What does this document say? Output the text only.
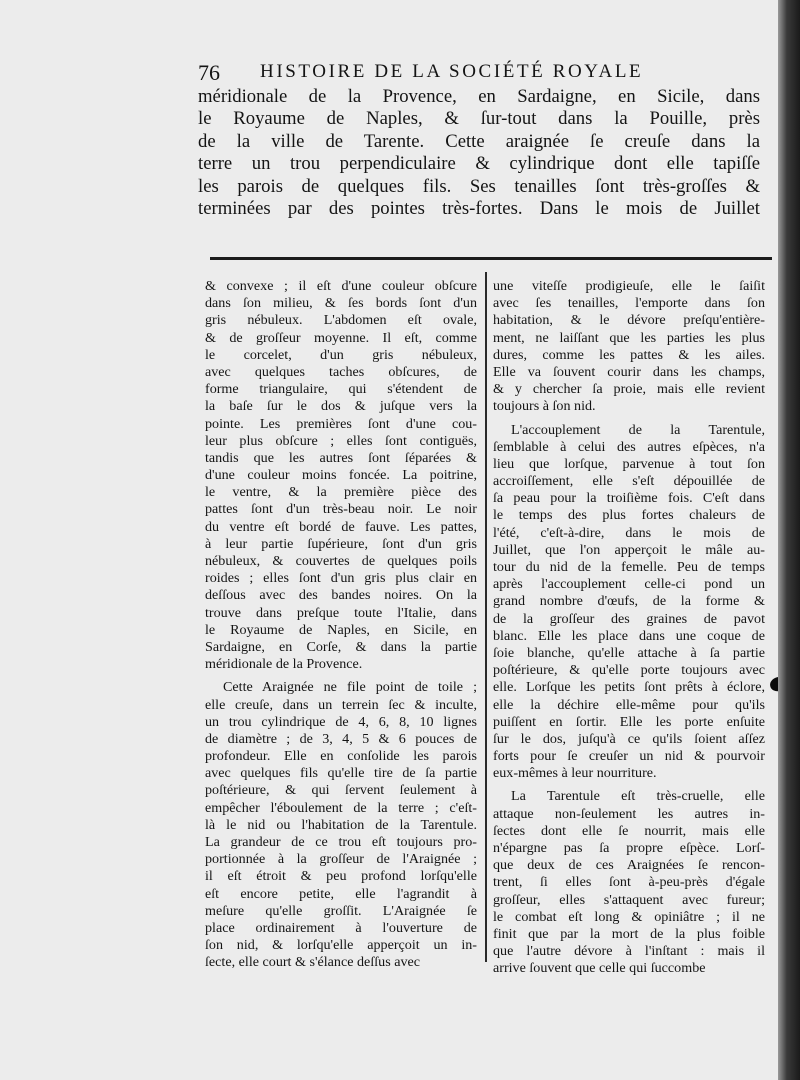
76 HISTOIRE DE LA SOCIÉTÉ ROYALE
méridionale de la Provence, en Sardaigne, en Sicile, dans
le Royaume de Naples, & ſur-tout dans la Pouille, près
de la ville de Tarente. Cette araignée ſe creuſe dans la
terre un trou perpendiculaire & cylindrique dont elle tapiſſe
les parois de quelques fils. Ses tenailles ſont très-groſſes &
terminées par des pointes très-fortes. Dans le mois de Juillet
& convexe ; il eſt d'une couleur obſcure
dans ſon milieu, & ſes bords ſont d'un
gris nébuleux. L'abdomen eſt ovale,
& de groſſeur moyenne. Il eſt, comme
le corcelet, d'un gris nébuleux,
avec quelques taches obſcures, de
forme triangulaire, qui s'étendent de
la baſe ſur le dos & juſque vers la
pointe. Les premières ſont d'une cou-
leur plus obſcure ; elles ſont contiguës,
tandis que les autres ſont ſéparées &
d'une couleur moins foncée. La poitrine,
le ventre, & la première pièce des
pattes ſont d'un très-beau noir. Le noir
du ventre eſt bordé de fauve. Les pattes,
à leur partie ſupérieure, ſont d'un gris
nébuleux, & couvertes de quelques poils
roides ; elles ſont d'un gris plus clair en
deſſous avec des bandes noires. On la
trouve dans preſque toute l'Italie, dans
le Royaume de Naples, en Sicile, en
Sardaigne, en Corſe, & dans la partie
méridionale de la Provence.
Cette Araignée ne file point de toile ;
elle creuſe, dans un terrein ſec & inculte,
un trou cylindrique de 4, 6, 8, 10 lignes
de diamètre ; de 3, 4, 5 & 6 pouces de
profondeur. Elle en conſolide les parois
avec quelques fils qu'elle tire de ſa partie
poſtérieure, & qui ſervent ſeulement à
empêcher l'éboulement de la terre ; c'eſt-
là le nid ou l'habitation de la Tarentule.
La grandeur de ce trou eſt toujours pro-
portionnée à la groſſeur de l'Araignée ;
il eſt étroit & peu profond lorſqu'elle
eſt encore petite, elle l'agrandit à
meſure qu'elle groſſit. L'Araignée ſe
place ordinairement à l'ouverture de
ſon nid, & lorſqu'elle apperçoit un in-
ſecte, elle court & s'élance deſſus avec
une viteſſe prodigieuſe, elle le ſaiſit
avec ſes tenailles, l'emporte dans ſon
habitation, & le dévore preſqu'entière-
ment, ne laiſſant que les parties les plus
dures, comme les pattes & les ailes.
Elle va ſouvent courir dans les champs,
& y chercher ſa proie, mais elle revient
toujours à ſon nid.
L'accouplement de la Tarentule,
ſemblable à celui des autres eſpèces, n'a
lieu que lorſque, parvenue à tout ſon
accroiſſement, elle s'eſt dépouillée de
ſa peau pour la troiſième fois. C'eſt dans
le temps des plus fortes chaleurs de
l'été, c'eſt-à-dire, dans le mois de
Juillet, que l'on apperçoit le mâle au-
tour du nid de la femelle. Peu de temps
après l'accouplement celle-ci pond un
grand nombre d'œufs, de la forme &
de la groſſeur des graines de pavot
blanc. Elle les place dans une coque de
ſoie blanche, qu'elle attache à ſa partie
poſtérieure, & qu'elle porte toujours avec
elle. Lorſque les petits ſont prêts à éclore,
elle la déchire elle-même pour qu'ils
puiſſent en ſortir. Elle les porte enſuite
ſur le dos, juſqu'à ce qu'ils ſoient aſſez
forts pour ſe creuſer un nid & pourvoir
eux-mêmes à leur nourriture.
La Tarentule eſt très-cruelle, elle
attaque non-ſeulement les autres in-
ſectes dont elle ſe nourrit, mais elle
n'épargne pas ſa propre eſpèce. Lorſ-
que deux de ces Araignées ſe rencon-
trent, ſi elles ſont à-peu-près d'égale
groſſeur, elles s'attaquent avec fureur;
le combat eſt long & opiniâtre ; il ne
finit que par la mort de la plus foible
que l'autre dévore à l'inſtant : mais il
arrive ſouvent que celle qui ſuccombe
